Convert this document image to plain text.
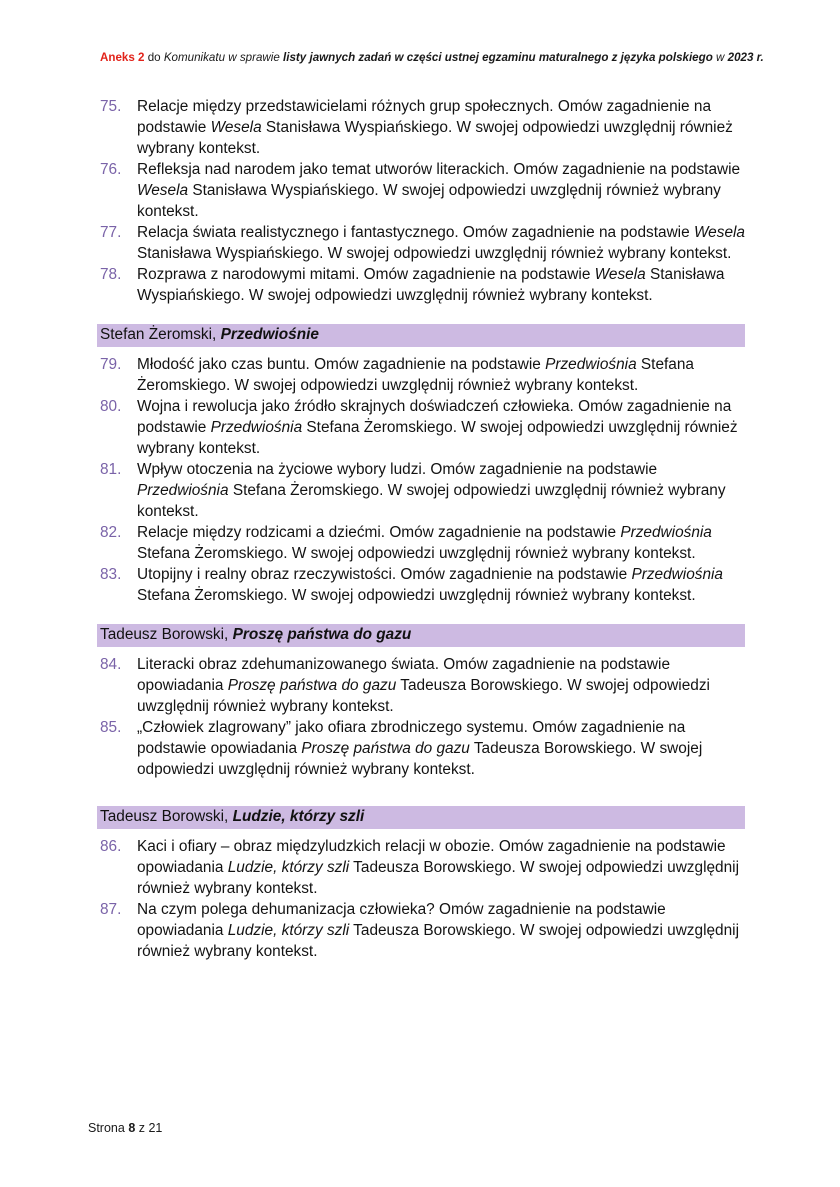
Aneks 2 do Komunikatu w sprawie listy jawnych zadań w części ustnej egzaminu maturalnego z języka polskiego w 2023 r.
75.	Relacje między przedstawicielami różnych grup społecznych. Omów zagadnienie na podstawie Wesela Stanisława Wyspiańskiego. W swojej odpowiedzi uwzględnij również wybrany kontekst.
76.	Refleksja nad narodem jako temat utworów literackich. Omów zagadnienie na podstawie Wesela Stanisława Wyspiańskiego. W swojej odpowiedzi uwzględnij również wybrany kontekst.
77.	Relacja świata realistycznego i fantastycznego. Omów zagadnienie na podstawie Wesela Stanisława Wyspiańskiego. W swojej odpowiedzi uwzględnij również wybrany kontekst.
78.	Rozprawa z narodowymi mitami. Omów zagadnienie na podstawie Wesela Stanisława Wyspiańskiego. W swojej odpowiedzi uwzględnij również wybrany kontekst.
Stefan Żeromski, Przedwiośnie
79.	Młodość jako czas buntu. Omów zagadnienie na podstawie Przedwiośnia Stefana Żeromskiego. W swojej odpowiedzi uwzględnij również wybrany kontekst.
80.	Wojna i rewolucja jako źródło skrajnych doświadczeń człowieka. Omów zagadnienie na podstawie Przedwiośnia Stefana Żeromskiego. W swojej odpowiedzi uwzględnij również wybrany kontekst.
81.	Wpływ otoczenia na życiowe wybory ludzi. Omów zagadnienie na podstawie Przedwiośnia Stefana Żeromskiego. W swojej odpowiedzi uwzględnij również wybrany kontekst.
82.	Relacje między rodzicami a dziećmi. Omów zagadnienie na podstawie Przedwiośnia Stefana Żeromskiego. W swojej odpowiedzi uwzględnij również wybrany kontekst.
83.	Utopijny i realny obraz rzeczywistości. Omów zagadnienie na podstawie Przedwiośnia Stefana Żeromskiego. W swojej odpowiedzi uwzględnij również wybrany kontekst.
Tadeusz Borowski, Proszę państwa do gazu
84.	Literacki obraz zdehumanizowanego świata. Omów zagadnienie na podstawie opowiadania Proszę państwa do gazu Tadeusza Borowskiego. W swojej odpowiedzi uwzględnij również wybrany kontekst.
85.	„Człowiek zlagrowany” jako ofiara zbrodniczego systemu. Omów zagadnienie na podstawie opowiadania Proszę państwa do gazu Tadeusza Borowskiego. W swojej odpowiedzi uwzględnij również wybrany kontekst.
Tadeusz Borowski, Ludzie, którzy szli
86.	Kaci i ofiary – obraz międzyludzkich relacji w obozie. Omów zagadnienie na podstawie opowiadania Ludzie, którzy szli Tadeusza Borowskiego. W swojej odpowiedzi uwzględnij również wybrany kontekst.
87.	Na czym polega dehumanizacja człowieka? Omów zagadnienie na podstawie opowiadania Ludzie, którzy szli Tadeusza Borowskiego. W swojej odpowiedzi uwzględnij również wybrany kontekst.
Strona 8 z 21
